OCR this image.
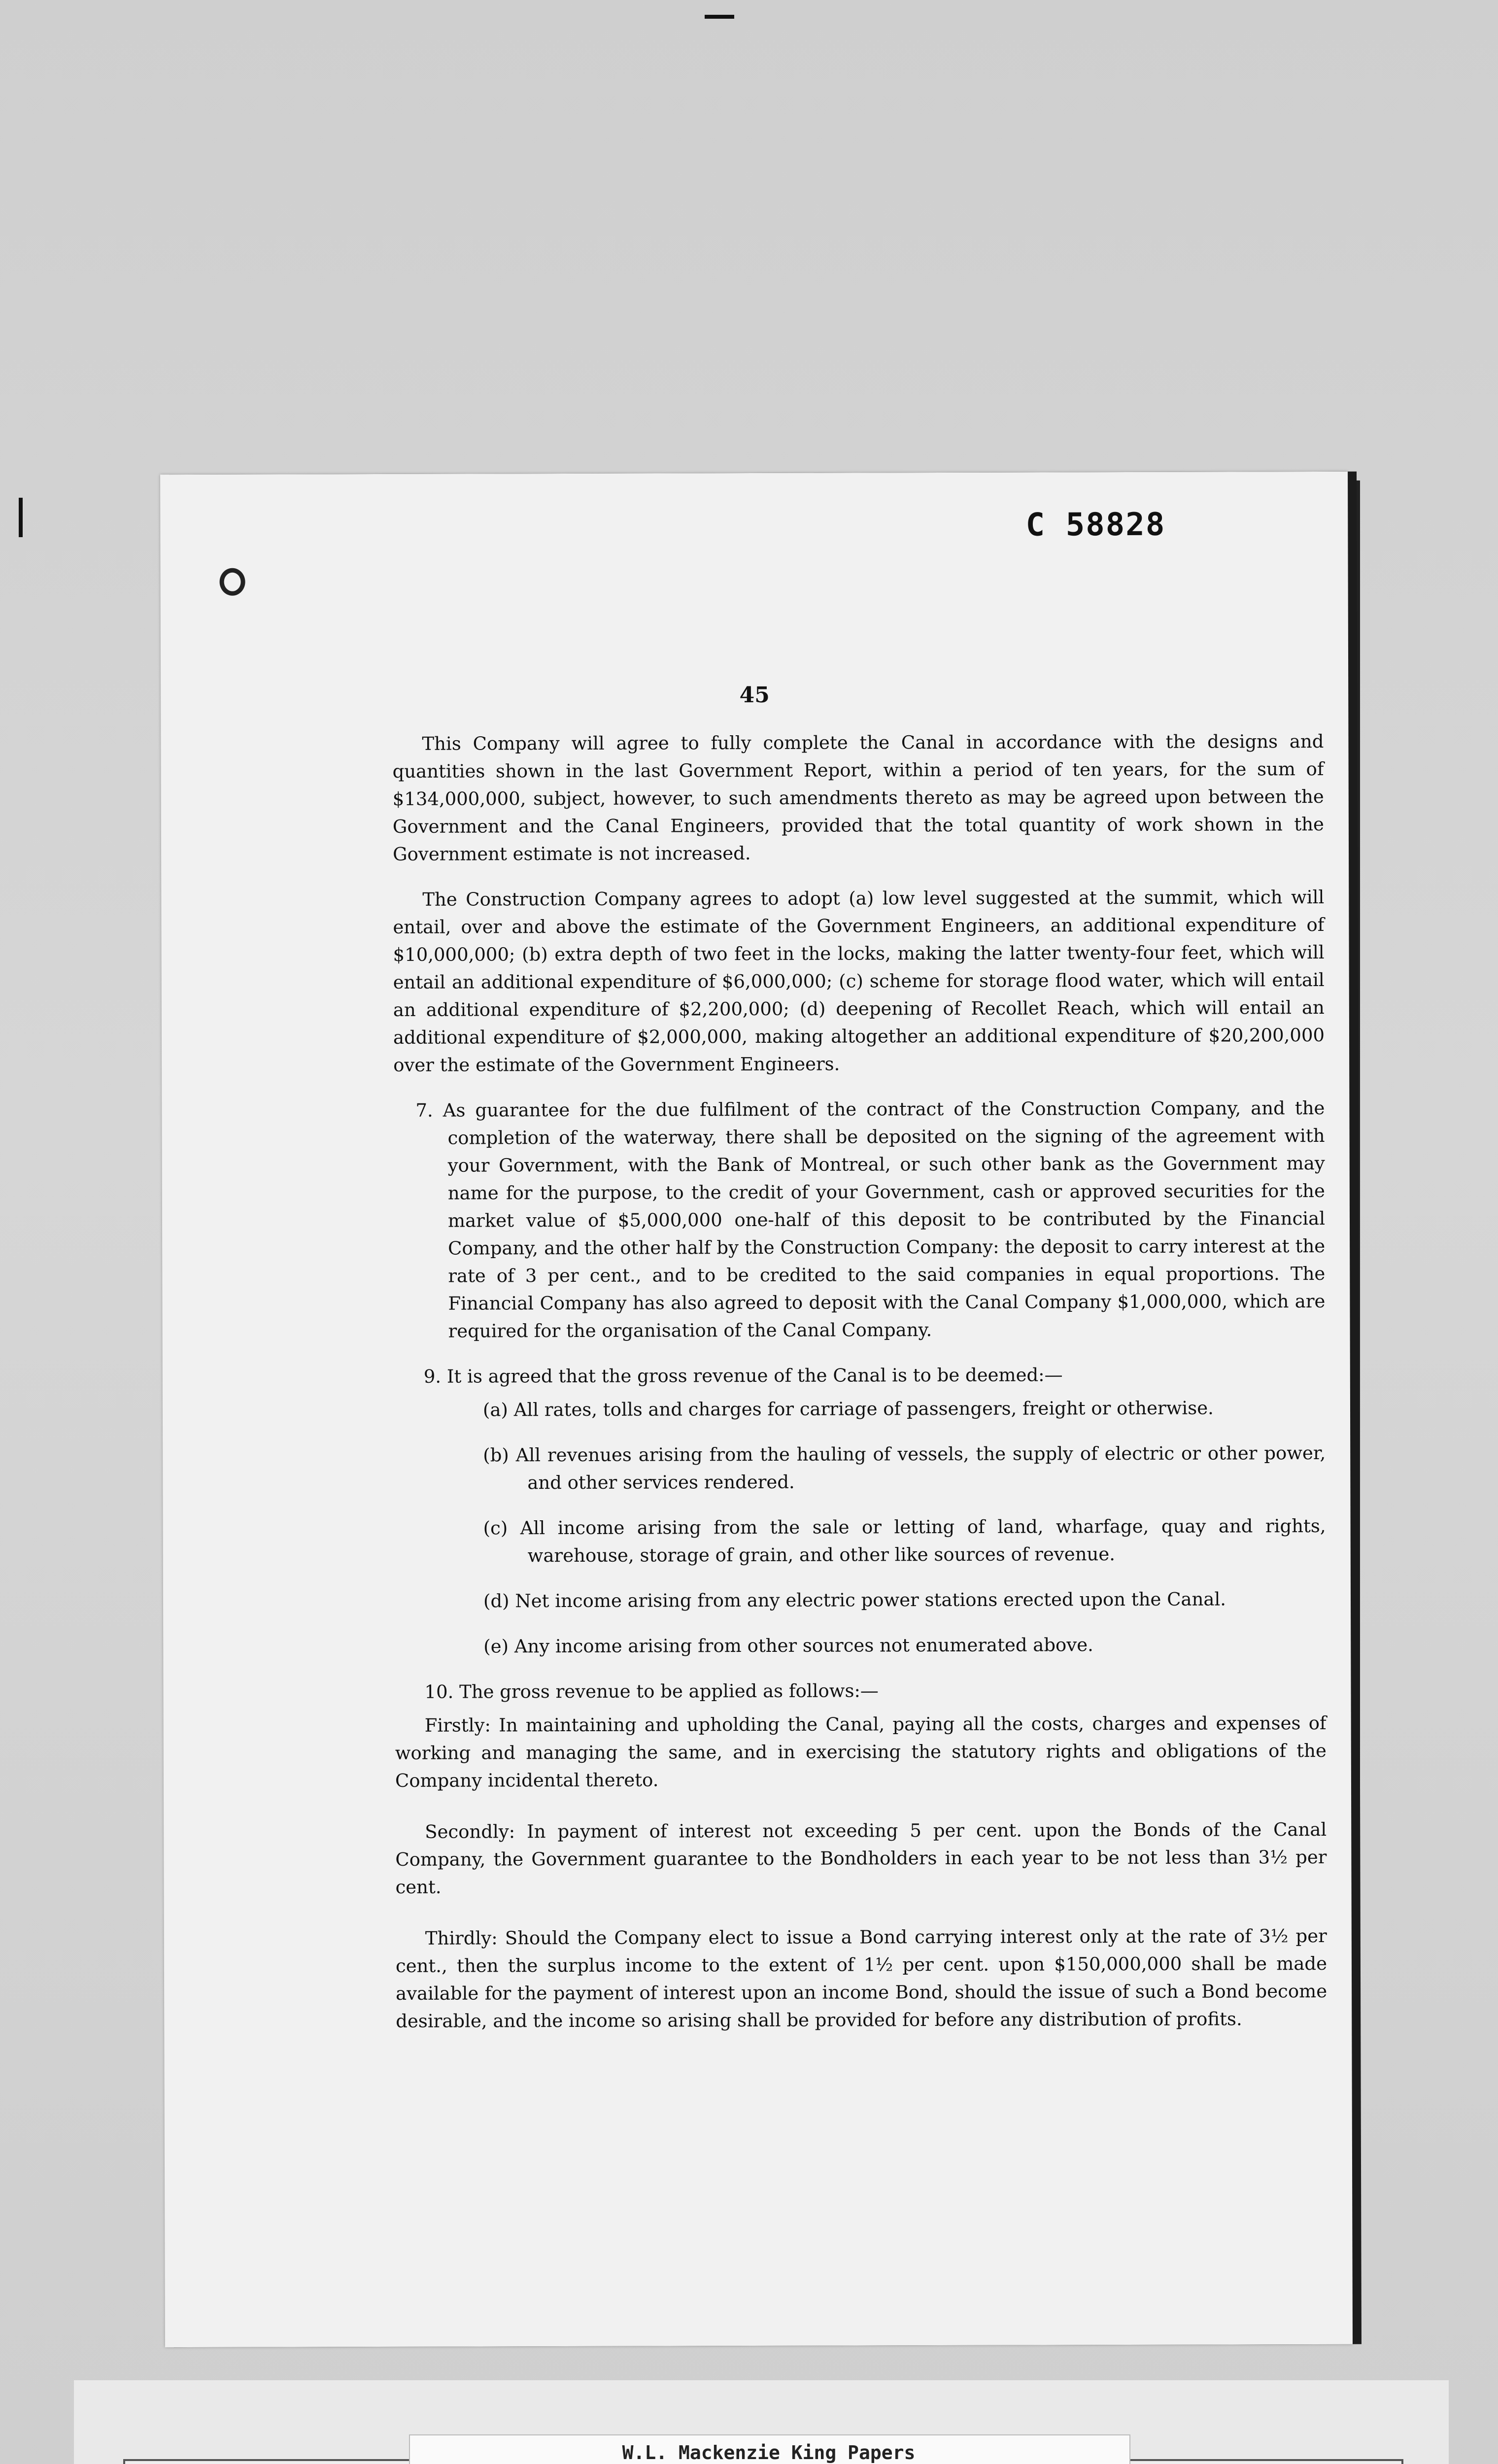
C 58828
45

This Company will agree to fully complete the Canal in accordance with the designs and quantities shown in the last Government Report, within a period of ten years, for the sum of $134,000,000, subject, however, to such amendments thereto as may be agreed upon between the Government and the Canal Engineers, provided that the total quantity of work shown in the Government estimate is not increased.

The Construction Company agrees to adopt (a) low level suggested at the summit, which will entail, over and above the estimate of the Government Engineers, an additional expenditure of $10,000,000; (b) extra depth of two feet in the locks, making the latter twenty-four feet, which will entail an additional expenditure of $6,000,000; (c) scheme for storage flood water, which will entail an additional expenditure of $2,200,000; (d) deepening of Recollet Reach, which will entail an additional expenditure of $2,000,000, making altogether an additional expenditure of $20,200,000 over the estimate of the Government Engineers.

7. As guarantee for the due fulfilment of the contract of the Construction Company, and the completion of the waterway, there shall be deposited on the signing of the agreement with your Government, with the Bank of Montreal, or such other bank as the Government may name for the purpose, to the credit of your Government, cash or approved securities for the market value of $5,000,000 one-half of this deposit to be contributed by the Financial Company, and the other half by the Construction Company: the deposit to carry interest at the rate of 3 per cent., and to be credited to the said companies in equal proportions. The Financial Company has also agreed to deposit with the Canal Company $1,000,000, which are required for the organisation of the Canal Company.
9. It is agreed that the gross revenue of the Canal is to be deemed:—
(a) All rates, tolls and charges for carriage of passengers, freight or otherwise.
(b) All revenues arising from the hauling of vessels, the supply of electric or other power, and other services rendered.
(c) All income arising from the sale or letting of land, wharfage, quay and rights, warehouse, storage of grain, and other like sources of revenue.
(d) Net income arising from any electric power stations erected upon the Canal.
(e) Any income arising from other sources not enumerated above.
10. The gross revenue to be applied as follows:—

Firstly: In maintaining and upholding the Canal, paying all the costs, charges and expenses of working and managing the same, and in exercising the statutory rights and obligations of the Company incidental thereto.

Secondly: In payment of interest not exceeding 5 per cent. upon the Bonds of the Canal Company, the Government guarantee to the Bondholders in each year to be not less than 3½ per cent.

Thirdly: Should the Company elect to issue a Bond carrying interest only at the rate of 3½ per cent., then the surplus income to the extent of 1½ per cent. upon $150,000,000 shall be made available for the payment of interest upon an income Bond, should the issue of such a Bond become desirable, and the income so arising shall be provided for before any distribution of profits.

W.L. Mackenzie King Papers
